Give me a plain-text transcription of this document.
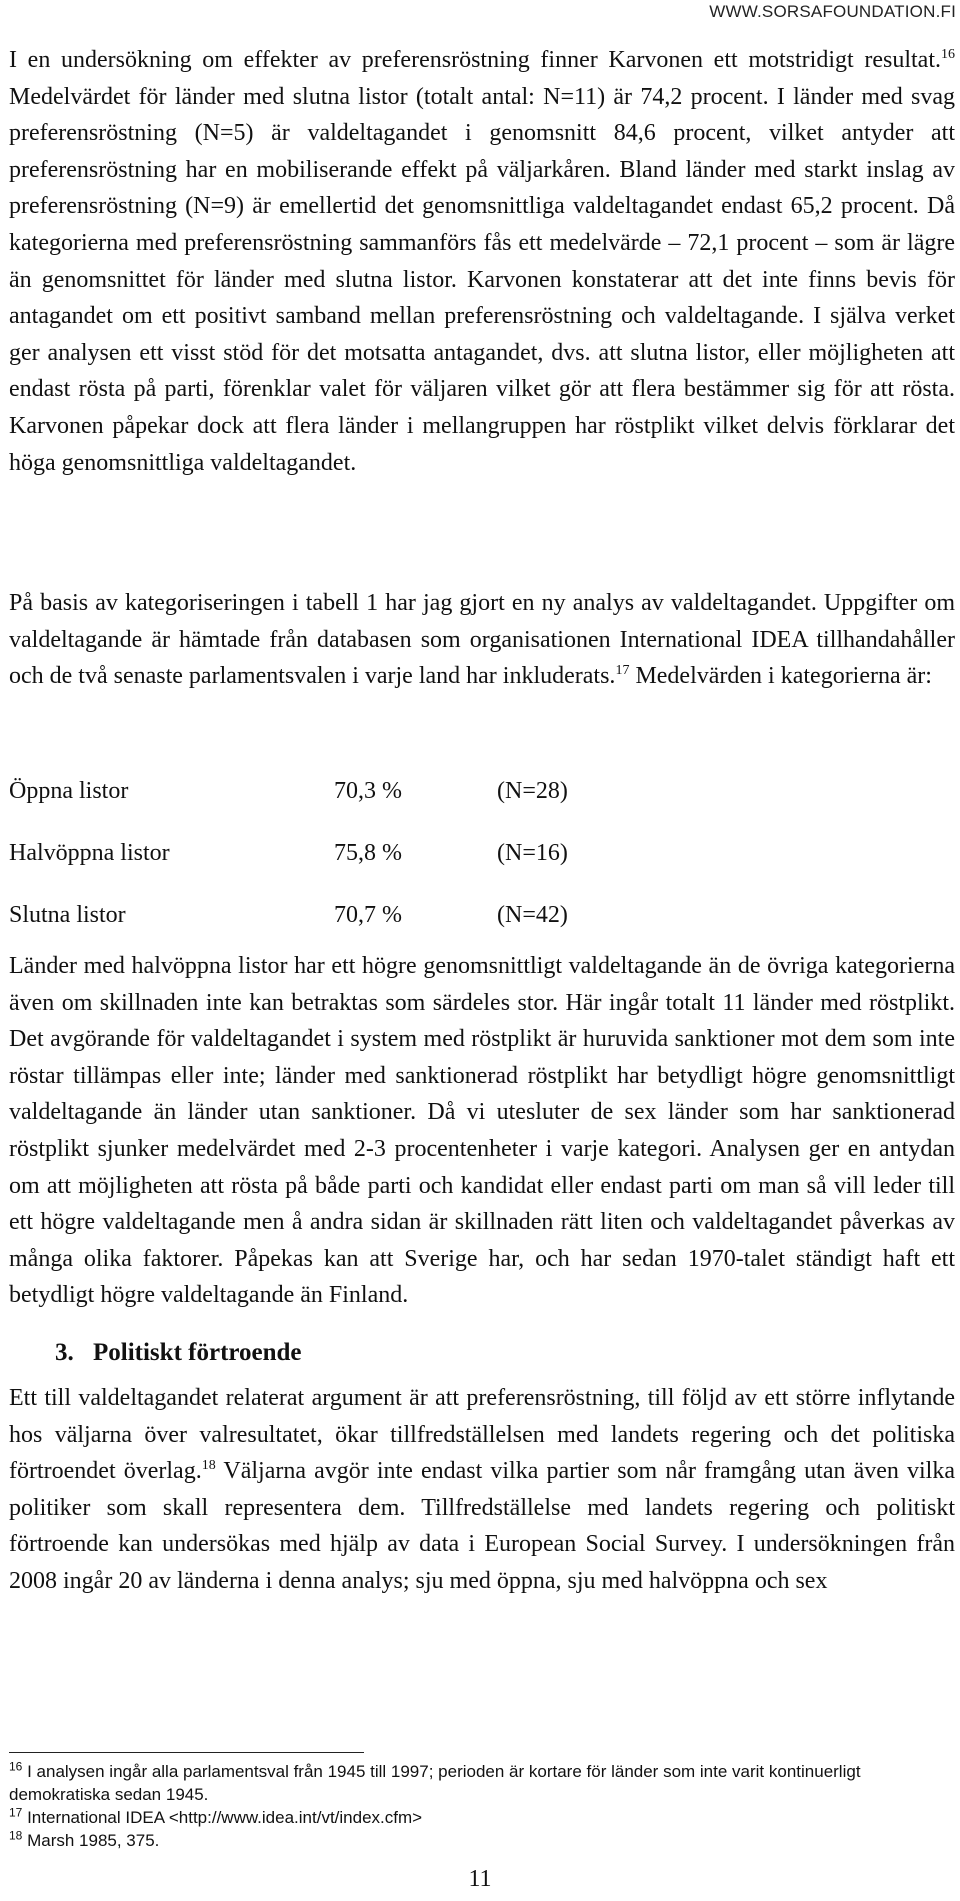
WWW.SORSAFOUNDATION.FI

I en undersökning om effekter av preferensröstning finner Karvonen ett motstridigt resultat.$^{16}$ Medelvärdet för länder med slutna listor (totalt antal: N=11) är 74,2 procent. I länder med svag preferensröstning (N=5) är valdeltagandet i genomsnitt 84,6 procent, vilket antyder att preferensröstning har en mobiliserande effekt på väljarkåren. Bland länder med starkt inslag av preferensröstning (N=9) är emellertid det genomsnittliga valdeltagandet endast 65,2 procent. Då kategorierna med preferensröstning sammanförs fås ett medelvärde – 72,1 procent – som är lägre än genomsnittet för länder med slutna listor. Karvonen konstaterar att det inte finns bevis för antagandet om ett positivt samband mellan preferensröstning och valdeltagande. I själva verket ger analysen ett visst stöd för det motsatta antagandet, dvs. att slutna listor, eller möjligheten att endast rösta på parti, förenklar valet för väljaren vilket gör att flera bestämmer sig för att rösta. Karvonen påpekar dock att flera länder i mellangruppen har röstplikt vilket delvis förklarar det höga genomsnittliga valdeltagandet.

På basis av kategoriseringen i tabell 1 har jag gjort en ny analys av valdeltagandet. Uppgifter om valdeltagande är hämtade från databasen som organisationen International IDEA tillhandahåller och de två senaste parlamentsvalen i varje land har inkluderats.$^{17}$ Medelvärden i kategorierna är:

Öppna listor	70,3 %	(N=28)
Halvöppna listor	75,8 %	(N=16)
Slutna listor	70,7 %	(N=42)

Länder med halvöppna listor har ett högre genomsnittligt valdeltagande än de övriga kategorierna även om skillnaden inte kan betraktas som särdeles stor. Här ingår totalt 11 länder med röstplikt. Det avgörande för valdeltagandet i system med röstplikt är huruvida sanktioner mot dem som inte röstar tillämpas eller inte; länder med sanktionerad röstplikt har betydligt högre genomsnittligt valdeltagande än länder utan sanktioner. Då vi utesluter de sex länder som har sanktionerad röstplikt sjunker medelvärdet med 2-3 procentenheter i varje kategori. Analysen ger en antydan om att möjligheten att rösta på både parti och kandidat eller endast parti om man så vill leder till ett högre valdeltagande men å andra sidan är skillnaden rätt liten och valdeltagandet påverkas av många olika faktorer. Påpekas kan att Sverige har, och har sedan 1970-talet ständigt haft ett betydligt högre valdeltagande än Finland.

3. Politiskt förtroende

Ett till valdeltagandet relaterat argument är att preferensröstning, till följd av ett större inflytande hos väljarna över valresultatet, ökar tillfredställelsen med landets regering och det politiska förtroendet överlag.$^{18}$ Väljarna avgör inte endast vilka partier som når framgång utan även vilka politiker som skall representera dem. Tillfredställelse med landets regering och politiskt förtroende kan undersökas med hjälp av data i European Social Survey. I undersökningen från 2008 ingår 20 av länderna i denna analys; sju med öppna, sju med halvöppna och sex

$^{16}$ I analysen ingår alla parlamentsval från 1945 till 1997; perioden är kortare för länder som inte varit kontinuerligt demokratiska sedan 1945.

$^{17}$ International IDEA <http://www.idea.int/vt/index.cfm>

$^{18}$ Marsh 1985, 375.

11
